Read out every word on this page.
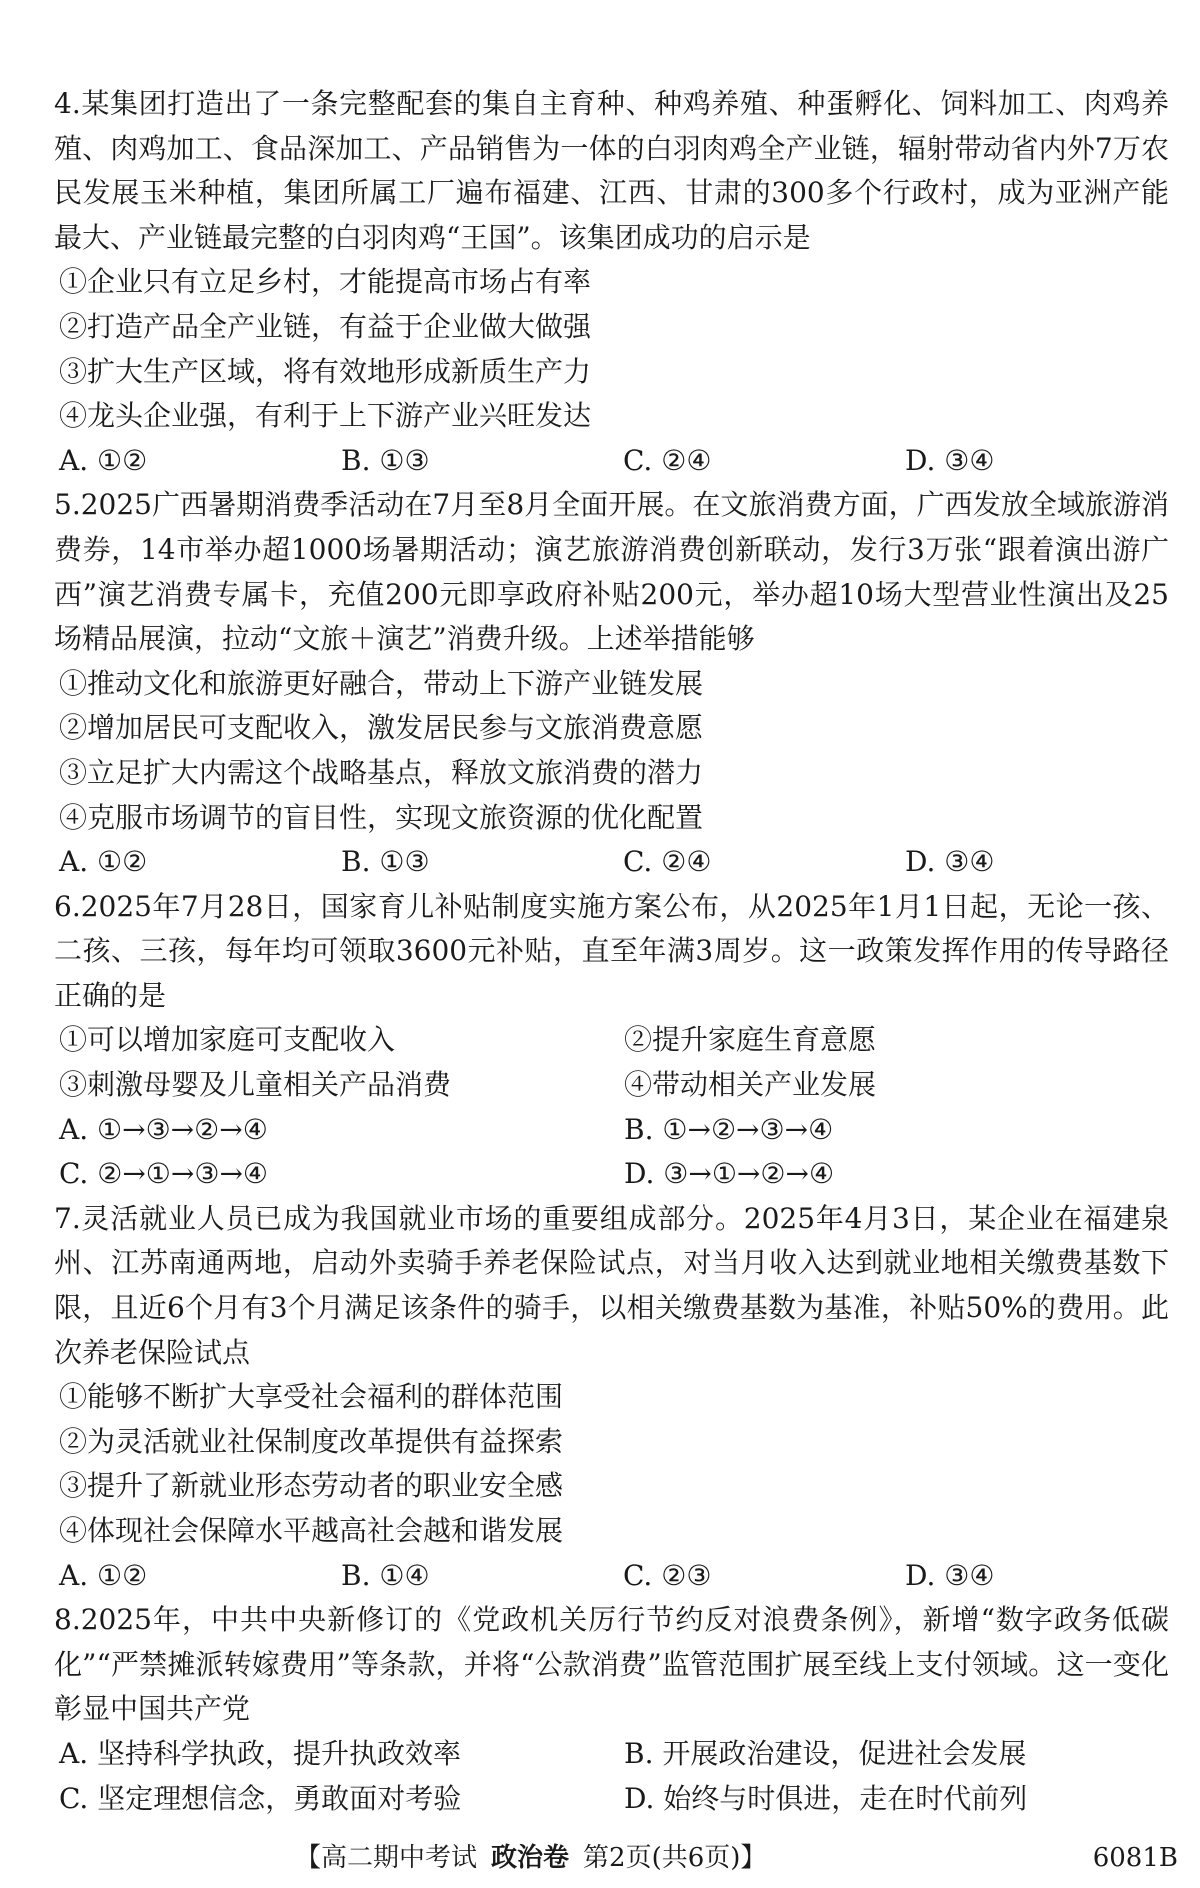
4.某集团打造出了一条完整配套的集自主育种、种鸡养殖、种蛋孵化、饲料加工、肉鸡养殖、肉鸡加工、食品深加工、产品销售为一体的白羽肉鸡全产业链，辐射带动省内外7万农民发展玉米种植，集团所属工厂遍布福建、江西、甘肃的300多个行政村，成为亚洲产能最大、产业链最完整的白羽肉鸡“王国”。该集团成功的启示是
①企业只有立足乡村，才能提高市场占有率
②打造产品全产业链，有益于企业做大做强
③扩大生产区域，将有效地形成新质生产力
④龙头企业强，有利于上下游产业兴旺发达
A. ①②	B. ①③	C. ②④	D. ③④
5.2025广西暑期消费季活动在7月至8月全面开展。在文旅消费方面，广西发放全域旅游消费券，14市举办超1000场暑期活动；演艺旅游消费创新联动，发行3万张“跟着演出游广西”演艺消费专属卡，充值200元即享政府补贴200元，举办超10场大型营业性演出及25场精品展演，拉动“文旅＋演艺”消费升级。上述举措能够
①推动文化和旅游更好融合，带动上下游产业链发展
②增加居民可支配收入，激发居民参与文旅消费意愿
③立足扩大内需这个战略基点，释放文旅消费的潜力
④克服市场调节的盲目性，实现文旅资源的优化配置
A. ①②	B. ①③	C. ②④	D. ③④
6.2025年7月28日，国家育儿补贴制度实施方案公布，从2025年1月1日起，无论一孩、二孩、三孩，每年均可领取3600元补贴，直至年满3周岁。这一政策发挥作用的传导路径正确的是
①可以增加家庭可支配收入	②提升家庭生育意愿
③刺激母婴及儿童相关产品消费	④带动相关产业发展
A. ①→③→②→④	B. ①→②→③→④
C. ②→①→③→④	D. ③→①→②→④
7.灵活就业人员已成为我国就业市场的重要组成部分。2025年4月3日，某企业在福建泉州、江苏南通两地，启动外卖骑手养老保险试点，对当月收入达到就业地相关缴费基数下限，且近6个月有3个月满足该条件的骑手，以相关缴费基数为基准，补贴50%的费用。此次养老保险试点
①能够不断扩大享受社会福利的群体范围
②为灵活就业社保制度改革提供有益探索
③提升了新就业形态劳动者的职业安全感
④体现社会保障水平越高社会越和谐发展
A. ①②	B. ①④	C. ②③	D. ③④
8.2025年，中共中央新修订的《党政机关厉行节约反对浪费条例》，新增“数字政务低碳化”“严禁摊派转嫁费用”等条款，并将“公款消费”监管范围扩展至线上支付领域。这一变化彰显中国共产党
A. 坚持科学执政，提升执政效率	B. 开展政治建设，促进社会发展
C. 坚定理想信念，勇敢面对考验	D. 始终与时俱进，走在时代前列
【高二期中考试 政治卷 第2页(共6页)】	6081B
